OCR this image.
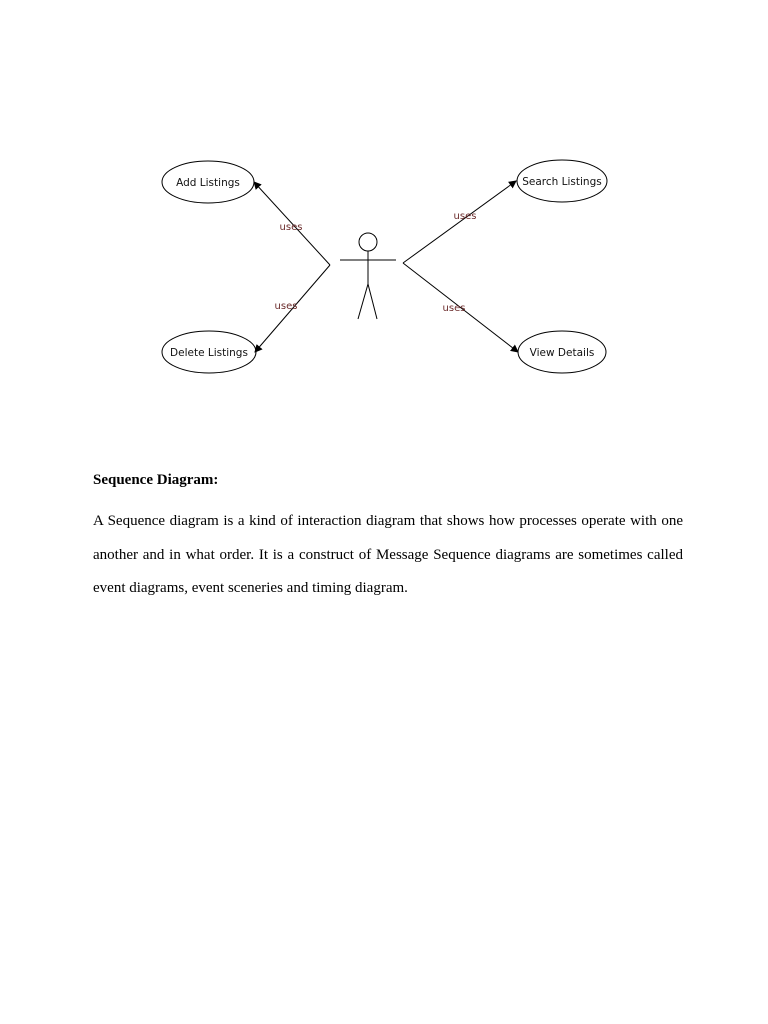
Add Listings
Delete Listings
Search Listings
View Details
uses
uses
uses
uses
Sequence Diagram:

A Sequence diagram is a kind of interaction diagram that shows how processes operate with one another and in what order. It is a construct of Message Sequence diagrams are sometimes called event diagrams, event sceneries and timing diagram.
